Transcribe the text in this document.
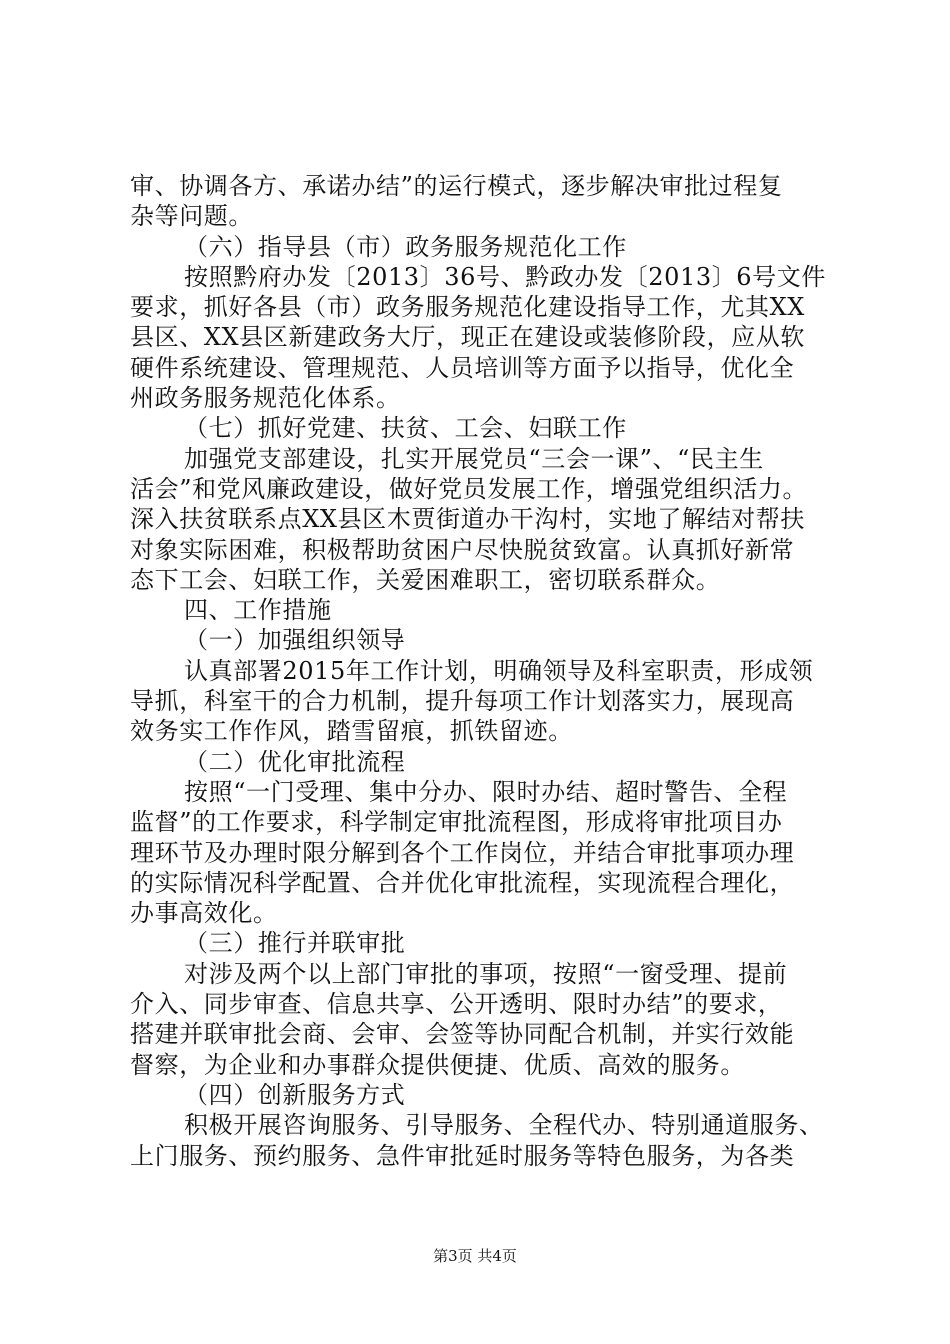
审、协调各方、承诺办结”的运行模式，逐步解决审批过程复
杂等问题。
（六）指导县（市）政务服务规范化工作
按照黔府办发〔2013〕36号、黔政办发〔2013〕6号文件
要求，抓好各县（市）政务服务规范化建设指导工作，尤其XX
县区、XX县区新建政务大厅，现正在建设或装修阶段，应从软
硬件系统建设、管理规范、人员培训等方面予以指导，优化全
州政务服务规范化体系。
（七）抓好党建、扶贫、工会、妇联工作
加强党支部建设，扎实开展党员“三会一课”、“民主生
活会”和党风廉政建设，做好党员发展工作，增强党组织活力。
深入扶贫联系点XX县区木贾街道办干沟村，实地了解结对帮扶
对象实际困难，积极帮助贫困户尽快脱贫致富。认真抓好新常
态下工会、妇联工作，关爱困难职工，密切联系群众。
四、工作措施
（一）加强组织领导
认真部署2015年工作计划，明确领导及科室职责，形成领
导抓，科室干的合力机制，提升每项工作计划落实力，展现高
效务实工作作风，踏雪留痕，抓铁留迹。
（二）优化审批流程
按照“一门受理、集中分办、限时办结、超时警告、全程
监督”的工作要求，科学制定审批流程图，形成将审批项目办
理环节及办理时限分解到各个工作岗位，并结合审批事项办理
的实际情况科学配置、合并优化审批流程，实现流程合理化，
办事高效化。
（三）推行并联审批
对涉及两个以上部门审批的事项，按照“一窗受理、提前
介入、同步审查、信息共享、公开透明、限时办结”的要求，
搭建并联审批会商、会审、会签等协同配合机制，并实行效能
督察，为企业和办事群众提供便捷、优质、高效的服务。
（四）创新服务方式
积极开展咨询服务、引导服务、全程代办、特别通道服务、
上门服务、预约服务、急件审批延时服务等特色服务，为各类
第3页 共4页
